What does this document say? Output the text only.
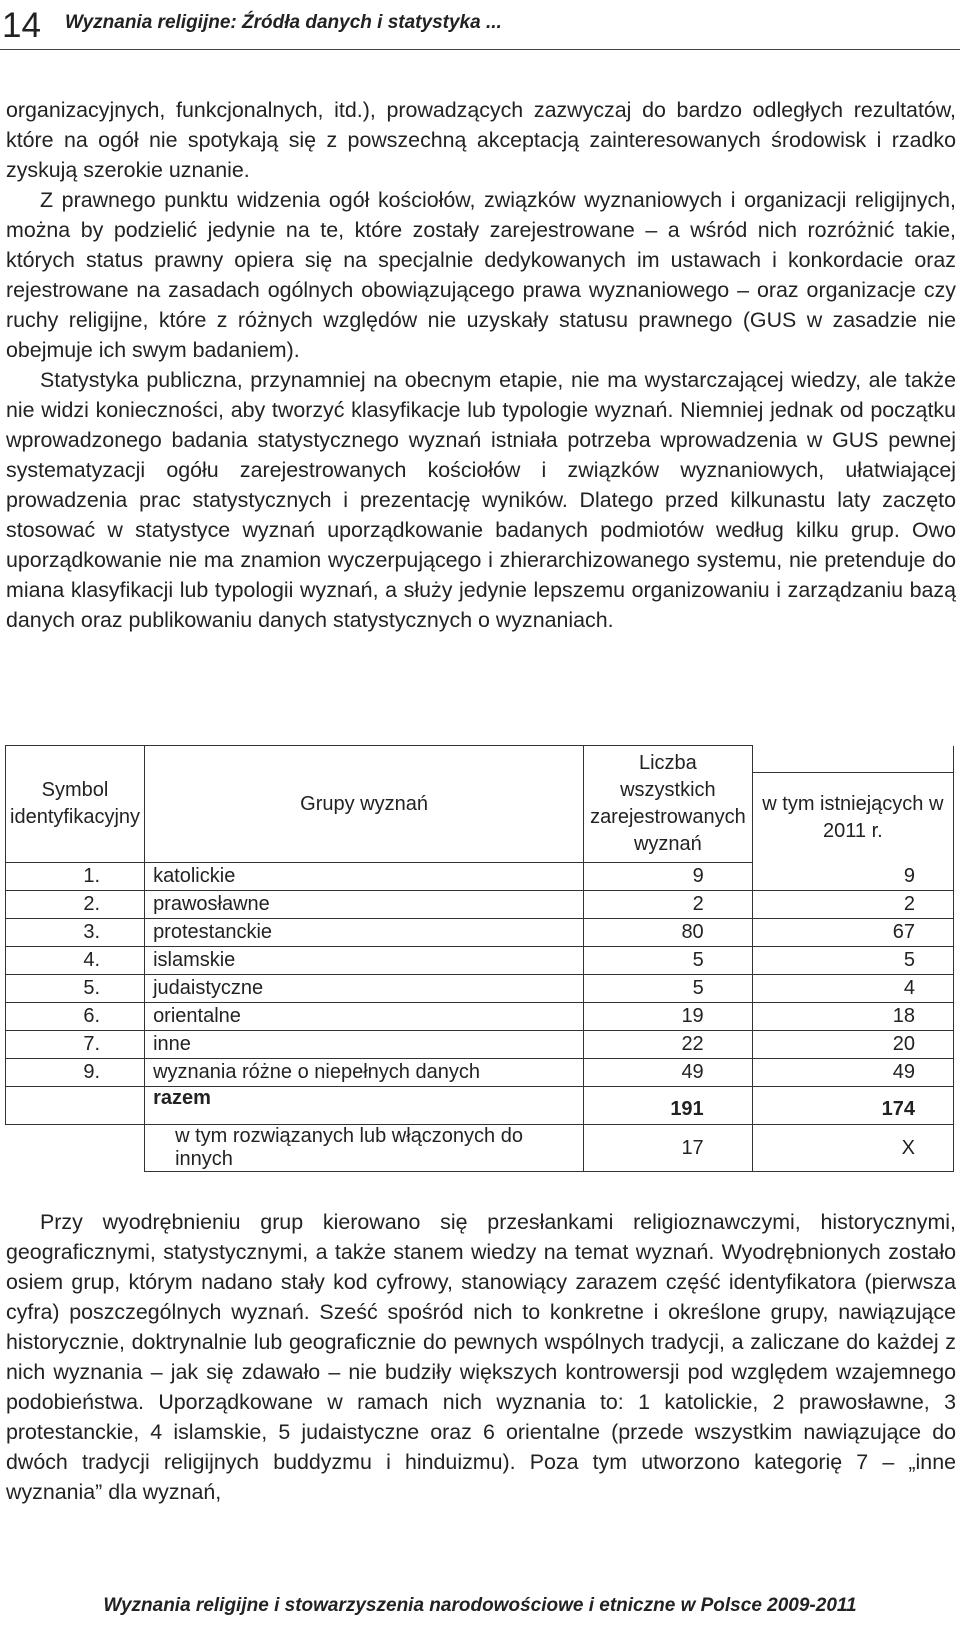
14 Wyznania religijne: Źródła danych i statystyka ...

organizacyjnych, funkcjonalnych, itd.), prowadzących zazwyczaj do bardzo odległych rezultatów, które na ogół nie spotykają się z powszechną akceptacją zainteresowanych środowisk i rzadko zyskują szerokie uznanie.

Z prawnego punktu widzenia ogół kościołów, związków wyznaniowych i organizacji religijnych, można by podzielić jedynie na te, które zostały zarejestrowane – a wśród nich rozróżnić takie, których status prawny opiera się na specjalnie dedykowanych im ustawach i konkordacie oraz rejestrowane na zasadach ogólnych obowiązującego prawa wyznaniowego – oraz organizacje czy ruchy religijne, które z różnych względów nie uzyskały statusu prawnego (GUS w zasadzie nie obejmuje ich swym badaniem).

Statystyka publiczna, przynamniej na obecnym etapie, nie ma wystarczającej wiedzy, ale także nie widzi konieczności, aby tworzyć klasyfikacje lub typologie wyznań. Niemniej jednak od początku wprowadzonego badania statystycznego wyznań istniała potrzeba wprowadzenia w GUS pewnej systematyzacji ogółu zarejestrowanych kościołów i związków wyznaniowych, ułatwiającej prowadzenia prac statystycznych i prezentację wyników. Dlatego przed kilkunastu laty zaczęto stosować w statystyce wyznań uporządkowanie badanych podmiotów według kilku grup. Owo uporządkowanie nie ma znamion wyczerpującego i zhierarchizowanego systemu, nie pretenduje do miana klasyfikacji lub typologii wyznań, a służy jedynie lepszemu organizowaniu i zarządzaniu bazą danych oraz publikowaniu danych statystycznych o wyznaniach.

Symbol identyfikacyjny	Grupy wyznań	Liczba wszystkich zarejestrowanych wyznań	
			w tym istniejących w 2011 r.
1.	katolickie	9	9
2.	prawosławne	2	2
3.	protestanckie	80	67
4.	islamskie	5	5
5.	judaistyczne	5	4
6.	orientalne	19	18
7.	inne	22	20
9.	wyznania różne o niepełnych danych	49	49
	razem	191	174
	w tym rozwiązanych lub włączonych do innych	17	X

Przy wyodrębnieniu grup kierowano się przesłankami religioznawczymi, historycznymi, geograficznymi, statystycznymi, a także stanem wiedzy na temat wyznań. Wyodrębnionych zostało osiem grup, którym nadano stały kod cyfrowy, stanowiący zarazem część identyfikatora (pierwsza cyfra) poszczególnych wyznań. Sześć spośród nich to konkretne i określone grupy, nawiązujące historycznie, doktrynalnie lub geograficznie do pewnych wspólnych tradycji, a zaliczane do każdej z nich wyznania – jak się zdawało – nie budziły większych kontrowersji pod względem wzajemnego podobieństwa. Uporządkowane w ramach nich wyznania to: 1 katolickie, 2 prawosławne, 3 protestanckie, 4 islamskie, 5 judaistyczne oraz 6 orientalne (przede wszystkim nawiązujące do dwóch tradycji religijnych buddyzmu i hinduizmu). Poza tym utworzono kategorię 7 – „inne wyznania” dla wyznań,

Wyznania religijne i stowarzyszenia narodowościowe i etniczne w Polsce 2009-2011
